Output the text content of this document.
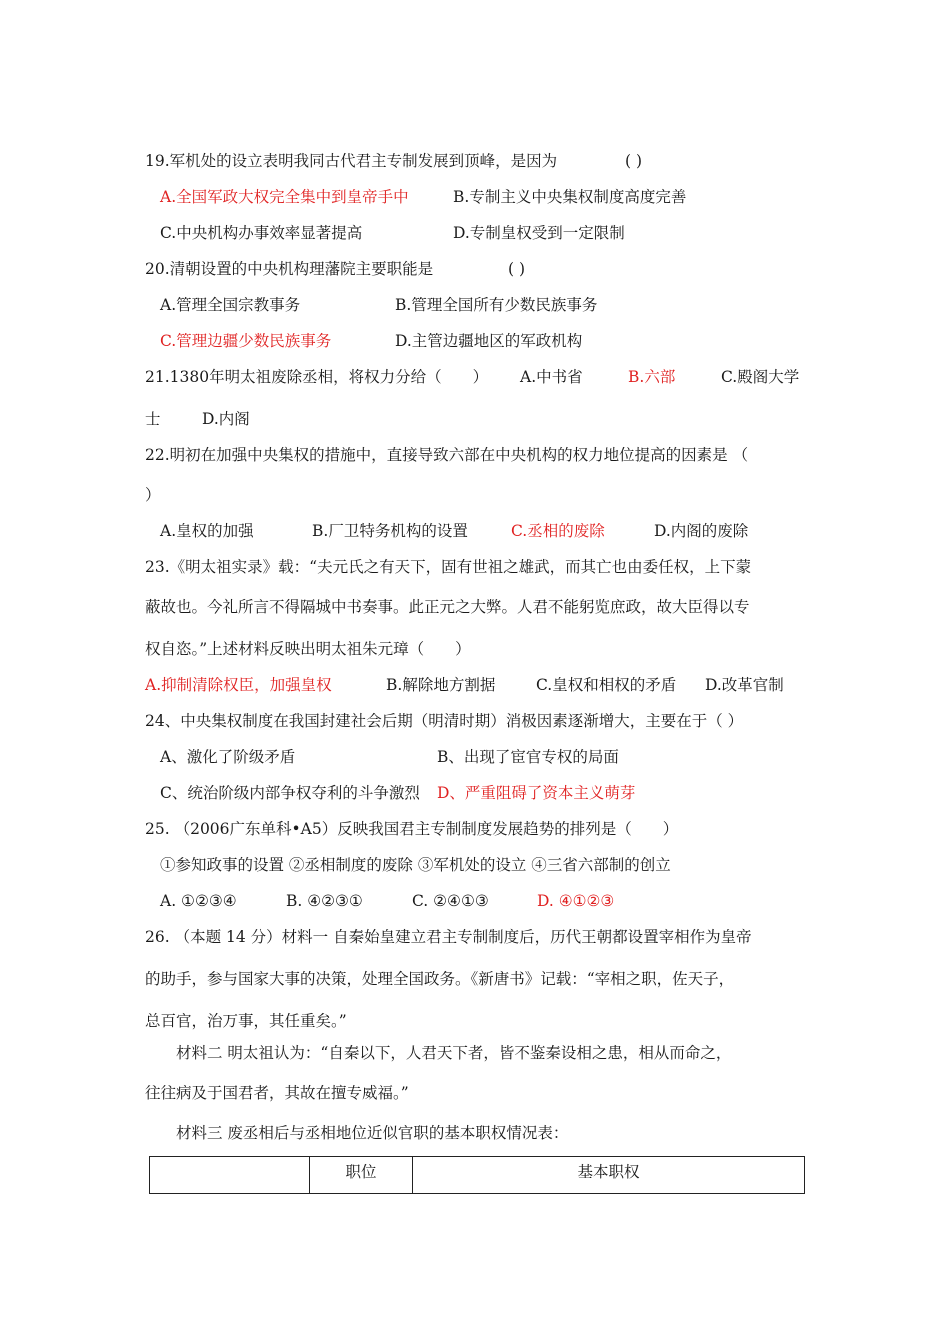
19.军机处的设立表明我同古代君主专制发展到顶峰，是因为	( )
A.全国军政大权完全集中到皇帝手中	B.专制主义中央集权制度高度完善
C.中央机构办事效率显著提高	D.专制皇权受到一定限制
20.清朝设置的中央机构理藩院主要职能是	( )
A.管理全国宗教事务	B.管理全国所有少数民族事务
C.管理边疆少数民族事务	D.主管边疆地区的军政机构
21.1380年明太祖废除丞相，将权力分给（　　） A.中书省	B.六部	C.殿阁大学
士	D.内阁
22.明初在加强中央集权的措施中，直接导致六部在中央机构的权力地位提高的因素是 （
）
A.皇权的加强	B.厂卫特务机构的设置	C.丞相的废除	D.内阁的废除
23.《明太祖实录》载：“夫元氏之有天下，固有世祖之雄武，而其亡也由委任权，上下蒙
蔽故也。今礼所言不得隔城中书奏事。此正元之大弊。人君不能躬览庶政，故大臣得以专
权自恣。”上述材料反映出明太祖朱元璋（　　）
A.抑制清除权臣，加强皇权	B.解除地方割据	C.皇权和相权的矛盾 D.改革官制
24、中央集权制度在我国封建社会后期（明清时期）消极因素逐渐增大，主要在于（ ）
A、激化了阶级矛盾	B、出现了宦官专权的局面
C、统治阶级内部争权夺利的斗争激烈 D、严重阻碍了资本主义萌芽
25. （2006广东单科•A5）反映我国君主专制制度发展趋势的排列是（　　）
①参知政事的设置 ②丞相制度的废除 ③军机处的设立 ④三省六部制的创立
A. ①②③④	B. ④②③①	C. ②④①③	D. ④①②③
26. （本题 14 分）材料一 自秦始皇建立君主专制制度后，历代王朝都设置宰相作为皇帝
的助手，参与国家大事的决策，处理全国政务。《新唐书》记载：“宰相之职，佐天子，
总百官，治万事，其任重矣。”
材料二 明太祖认为：“自秦以下，人君天下者，皆不鉴秦设相之患，相从而命之，
往往病及于国君者，其故在擅专威福。”
材料三 废丞相后与丞相地位近似官职的基本职权情况表：
	职位	基本职权
